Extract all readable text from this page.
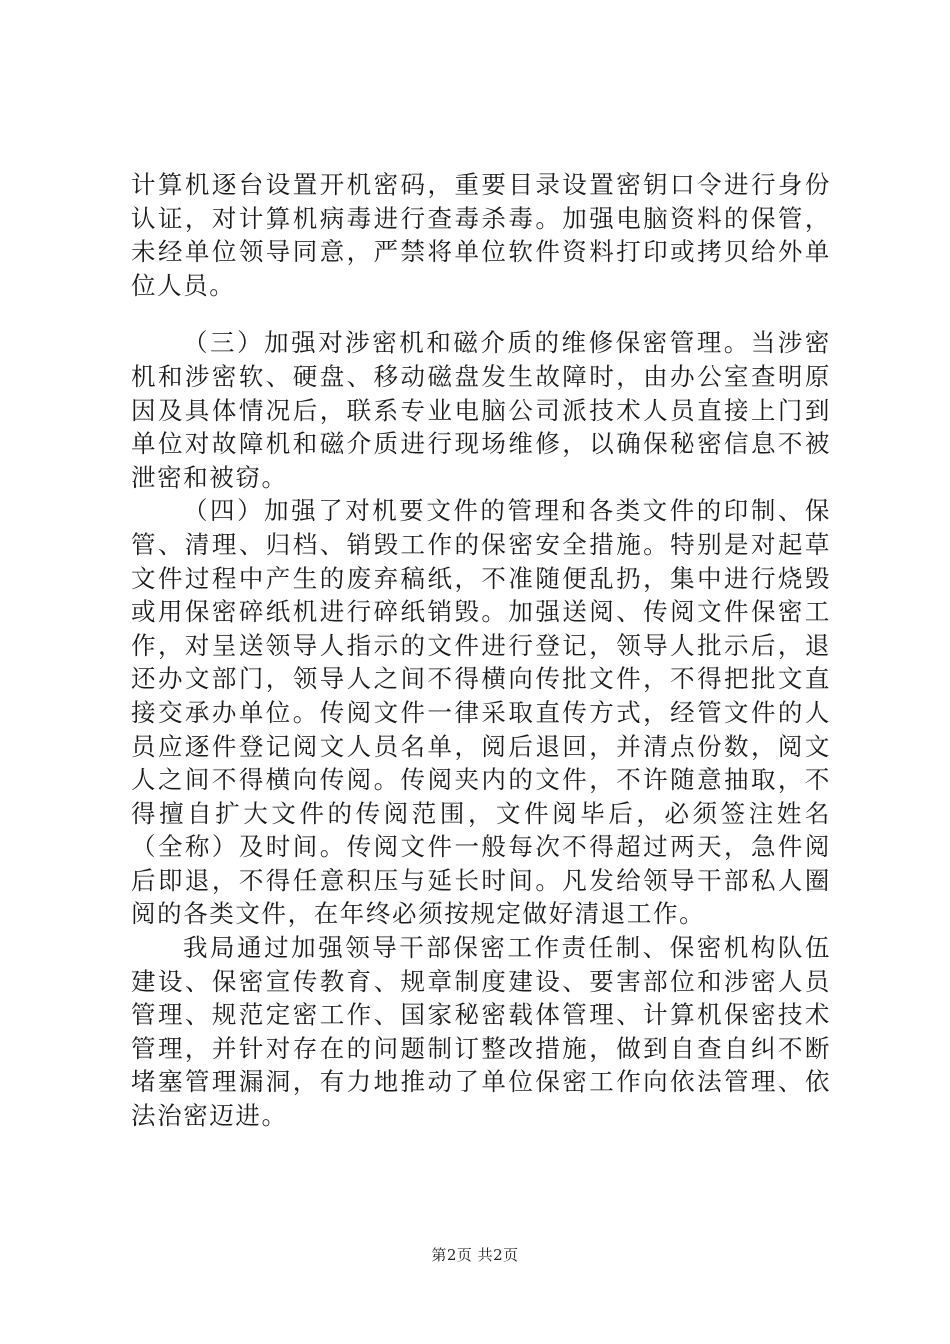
计算机逐台设置开机密码，重要目录设置密钥口令进行身份认证，对计算机病毒进行查毒杀毒。加强电脑资料的保管，未经单位领导同意，严禁将单位软件资料打印或拷贝给外单位人员。

（三）加强对涉密机和磁介质的维修保密管理。当涉密机和涉密软、硬盘、移动磁盘发生故障时，由办公室查明原因及具体情况后，联系专业电脑公司派技术人员直接上门到单位对故障机和磁介质进行现场维修，以确保秘密信息不被泄密和被窃。

（四）加强了对机要文件的管理和各类文件的印制、保管、清理、归档、销毁工作的保密安全措施。特别是对起草文件过程中产生的废弃稿纸，不准随便乱扔，集中进行烧毁或用保密碎纸机进行碎纸销毁。加强送阅、传阅文件保密工作，对呈送领导人指示的文件进行登记，领导人批示后，退还办文部门，领导人之间不得横向传批文件，不得把批文直接交承办单位。传阅文件一律采取直传方式，经管文件的人员应逐件登记阅文人员名单，阅后退回，并清点份数，阅文人之间不得横向传阅。传阅夹内的文件，不许随意抽取，不得擅自扩大文件的传阅范围，文件阅毕后，必须签注姓名（全称）及时间。传阅文件一般每次不得超过两天，急件阅后即退，不得任意积压与延长时间。凡发给领导干部私人圈阅的各类文件，在年终必须按规定做好清退工作。

我局通过加强领导干部保密工作责任制、保密机构队伍建设、保密宣传教育、规章制度建设、要害部位和涉密人员管理、规范定密工作、国家秘密载体管理、计算机保密技术管理，并针对存在的问题制订整改措施，做到自查自纠不断堵塞管理漏洞，有力地推动了单位保密工作向依法管理、依法治密迈进。

第2页 共2页
